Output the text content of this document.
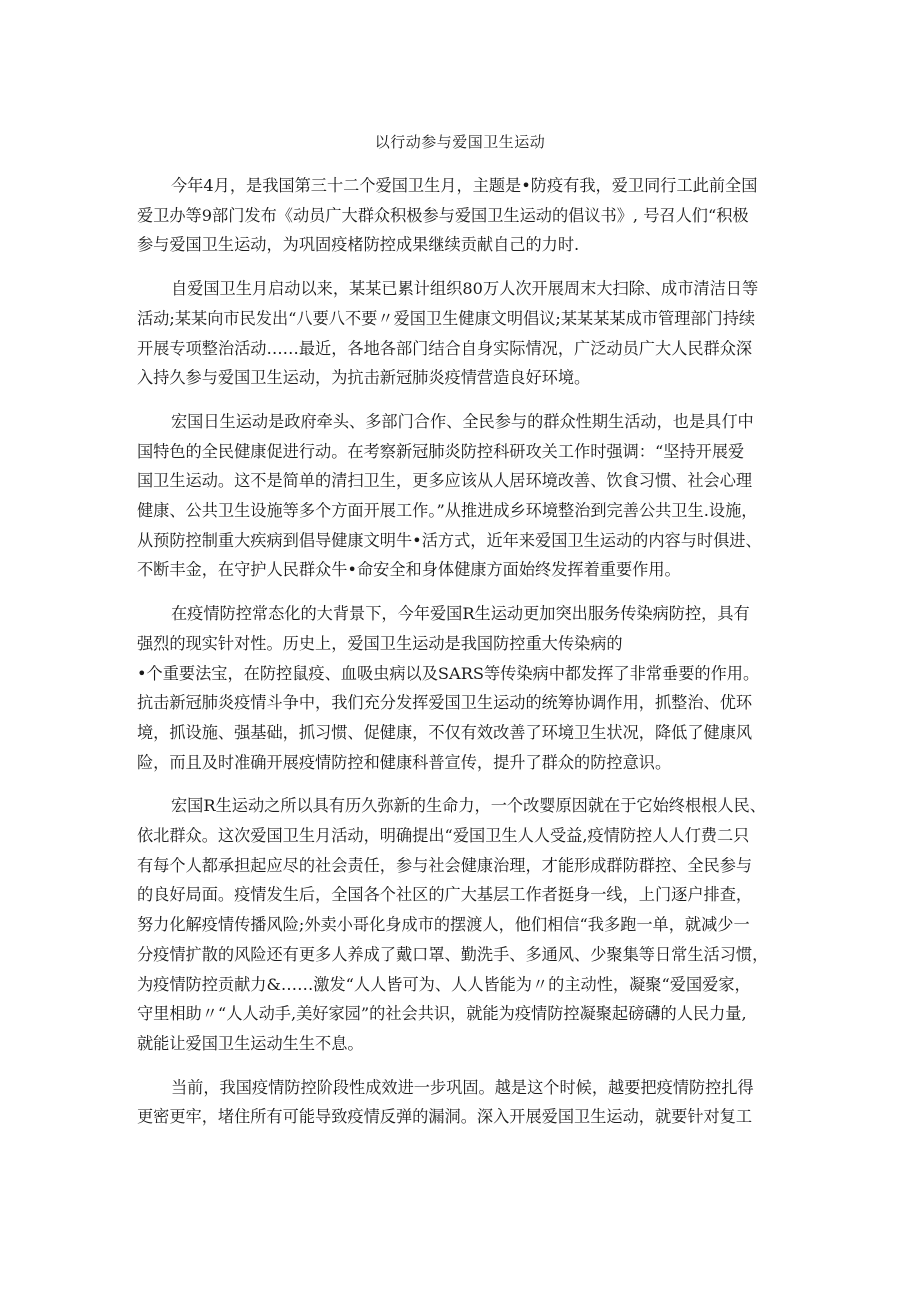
以行动参与爱国卫生运动

今年4月，是我国第三十二个爱国卫生月，主题是•防疫有我，爱卫同行工此前全国
爱卫办等9部门发布《动员广大群众积极参与爱国卫生运动的倡议书》, 号召人们“积极
参与爱国卫生运动，为巩固疫楮防控成果继续贡献自己的力时.

自爱国卫生月启动以来，某某已累计组织80万人次开展周末大扫除、成市清洁日等
活动;某某向市民发出“八要八不要〃爱国卫生健康文明倡议;某某某某成市管理部门持续
开展专项整治活动……最近，各地各部门结合自身实际情况，广泛动员广大人民群众深
入持久参与爱国卫生运动，为抗击新冠肺炎疫情营造良好环境。

宏国日生运动是政府牵头、多部门合作、全民参与的群众性期生活动，也是具仃中
国特色的全民健康促进行动。在考察新冠肺炎防控科研攻关工作时强调：“坚持开展爱
国卫生运动。这不是简单的清扫卫生，更多应该从人居环境改善、饮食习惯、社会心理
健康、公共卫生设施等多个方面开展工作。”从推进成乡环境整治到完善公共卫生.设施，
从预防控制重大疾病到倡导健康文明牛•活方式，近年来爱国卫生运动的内容与时俱进、
不断丰金，在守护人民群众牛•命安全和身体健康方面始终发挥着重要作用。

在疫情防控常态化的大背景下，今年爱国R生运动更加突出服务传染病防控，具有
强烈的现实针对性。历史上，爱国卫生运动是我国防控重大传染病的
•个重要法宝，在防控鼠疫、血吸虫病以及SARS等传染病中都发挥了非常垂要的作用。
抗击新冠肺炎疫情斗争中，我们充分发挥爱国卫生运动的统筹协调作用，抓整治、优环
境，抓设施、强基础，抓习惯、促健康，不仅有效改善了环境卫生状况，降低了健康风
险，而且及时准确开展疫情防控和健康科普宣传，提升了群众的防控意识。

宏国R生运动之所以具有历久弥新的生命力，一个改婴原因就在于它始终根根人民、
依北群众。这次爱国卫生月活动，明确提出“爱国卫生人人受益,疫情防控人人仃费二只
有每个人都承担起应尽的社会责任，参与社会健康治理，才能形成群防群控、全民参与
的良好局面。疫情发生后，全国各个社区的广大基层工作者挺身一线，上门逐户排查，
努力化解疫情传播风险;外卖小哥化身成市的摆渡人，他们相信“我多跑一单，就减少一
分疫情扩散的风险还有更多人养成了戴口罩、勤洗手、多通风、少聚集等日常生活习惯，
为疫情防控贡献力&……激发“人人皆可为、人人皆能为〃的主动性，凝聚“爱国爱家，
守里相助〃“人人动手,美好家园”的社会共识，就能为疫情防控凝聚起磅礴的人民力量,
就能让爱国卫生运动生生不息。

当前，我国疫情防控阶段性成效进一步巩固。越是这个时候，越要把疫情防控扎得
更密更牢，堵住所有可能导致疫情反弹的漏洞。深入开展爱国卫生运动，就要针对复工
